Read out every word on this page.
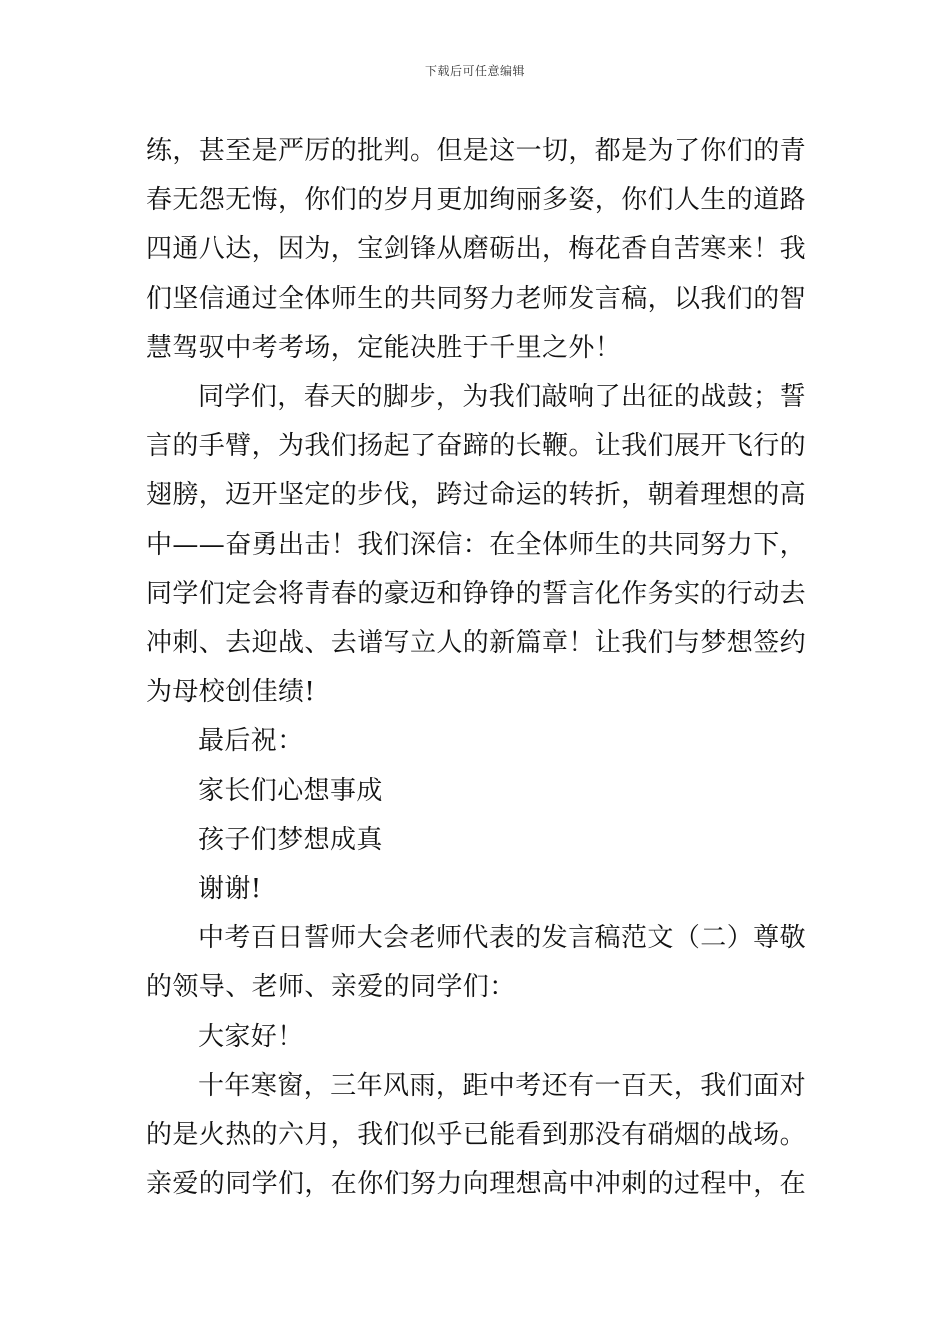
下载后可任意编辑

练，甚至是严厉的批判。但是这一切，都是为了你们的青春无怨无悔，你们的岁月更加绚丽多姿，你们人生的道路四通八达，因为，宝剑锋从磨砺出，梅花香自苦寒来！我们坚信通过全体师生的共同努力老师发言稿，以我们的智慧驾驭中考考场，定能决胜于千里之外！

同学们，春天的脚步，为我们敲响了出征的战鼓；誓言的手臂，为我们扬起了奋蹄的长鞭。让我们展开飞行的翅膀，迈开坚定的步伐，跨过命运的转折，朝着理想的高中——奋勇出击！我们深信：在全体师生的共同努力下，同学们定会将青春的豪迈和铮铮的誓言化作务实的行动去冲刺、去迎战、去谱写立人的新篇章！让我们与梦想签约为母校创佳绩!

最后祝：

家长们心想事成

孩子们梦想成真

谢谢!

中考百日誓师大会老师代表的发言稿范文（二）尊敬的领导、老师、亲爱的同学们：

大家好！

十年寒窗，三年风雨，距中考还有一百天，我们面对的是火热的六月，我们似乎已能看到那没有硝烟的战场。亲爱的同学们，在你们努力向理想高中冲刺的过程中，在
